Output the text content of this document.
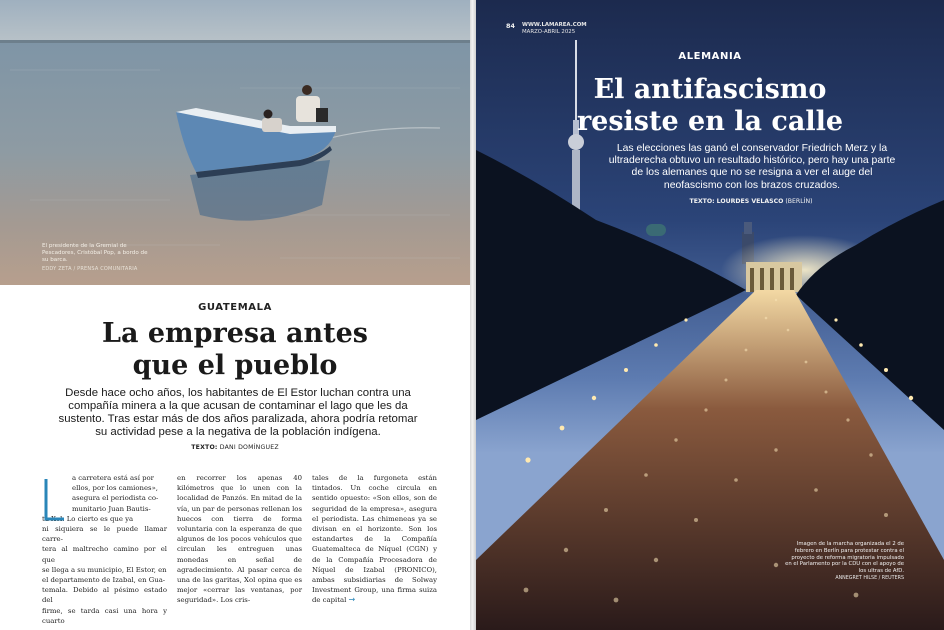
El presidente de la Gremial de Pescadores, Cristóbal Pop, a bordo de su barca.
EDDY ZETA / PRENSA COMUNITARIA
GUATEMALA
La empresa antes
que el pueblo
Desde hace ocho años, los habitantes de El Estor luchan contra una compañía minera a la que acusan de contaminar el lago que les da sustento. Tras estar más de dos años paralizada, ahora podría retomar su actividad pese a la negativa de la población indígena.
TEXTO: DANI DOMÍNGUEZ
a carretera está así por
ellos, por los camiones»,
asegura el periodista co-
munitario Juan Bautis-
ta Xol. Lo cierto es que ya
ni siquiera se le puede llamar carre-
tera al maltrecho camino por el que
se llega a su municipio, El Estor, en
el departamento de Izabal, en Gua-
temala. Debido al pésimo estado del
firme, se tarda casi una hora y cuarto
en recorrer los apenas 40 kilómetros que lo unen con la localidad de Panzós. En mitad de la vía, un par de personas rellenan los huecos con tierra de forma voluntaria con la esperanza de que algunos de los pocos vehículos que circulan les entreguen unas monedas en señal de agradecimiento. Al pasar cerca de una de las garitas, Xol opina que es mejor «cerrar las ventanas, por seguridad». Los cris-
tales de la furgoneta están tintados. Un coche circula en sentido opuesto: «Son ellos, son de seguridad de la empresa», asegura el periodista. Las chimeneas ya se divisan en el horizonte. Son los estandartes de la Compañía Guatemalteca de Níquel (CGN) y de la Compañía Procesadora de Níquel de Izabal (PRONICO), ambas subsidiarias de Solway Investment Group, una firma suiza de capital →
84 WWW.LAMAREA.COM
MARZO-ABRIL 2025
ALEMANIA
El antifascismo
resiste en la calle
Las elecciones las ganó el conservador Friedrich Merz y la ultraderecha obtuvo un resultado histórico, pero hay una parte de los alemanes que no se resigna a ver el auge del neofascismo con los brazos cruzados.
TEXTO: LOURDES VELASCO (BERLÍN)
Imagen de la marcha organizada el 2 de febrero en Berlín para protestar contra el proyecto de reforma migratoria impulsado en el Parlamento por la CDU con el apoyo de los ultras de AfD.
ANNEGRET HILSE / REUTERS
